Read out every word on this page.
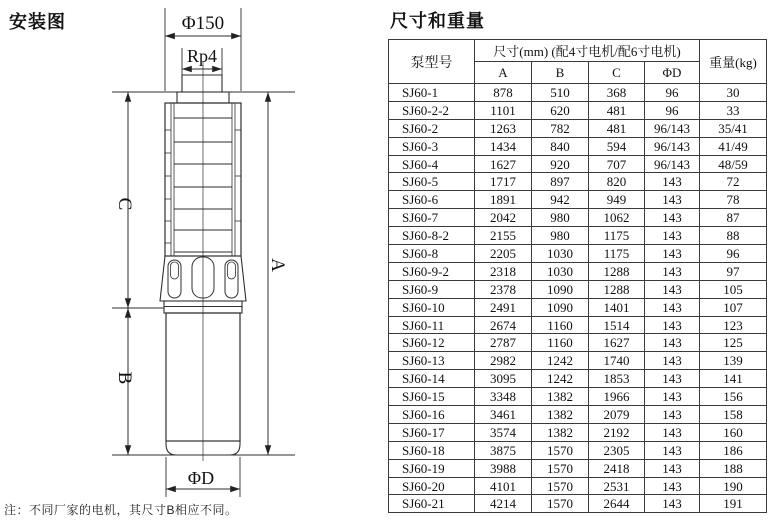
安装图	Φ150
Rp4
C
B
A
ΦD
注：不同厂家的电机，其尺寸B相应不同。
尺寸和重量
泵型号	尺寸(mm) (配4寸电机/配6寸电机)				重量(kg)
	A	B	C	ΦD	
SJ60-1	878	510	368	96	30
SJ60-2-2	1101	620	481	96	33
SJ60-2	1263	782	481	96/143	35/41
SJ60-3	1434	840	594	96/143	41/49
SJ60-4	1627	920	707	96/143	48/59
SJ60-5	1717	897	820	143	72
SJ60-6	1891	942	949	143	78
SJ60-7	2042	980	1062	143	87
SJ60-8-2	2155	980	1175	143	88
SJ60-8	2205	1030	1175	143	96
SJ60-9-2	2318	1030	1288	143	97
SJ60-9	2378	1090	1288	143	105
SJ60-10	2491	1090	1401	143	107
SJ60-11	2674	1160	1514	143	123
SJ60-12	2787	1160	1627	143	125
SJ60-13	2982	1242	1740	143	139
SJ60-14	3095	1242	1853	143	141
SJ60-15	3348	1382	1966	143	156
SJ60-16	3461	1382	2079	143	158
SJ60-17	3574	1382	2192	143	160
SJ60-18	3875	1570	2305	143	186
SJ60-19	3988	1570	2418	143	188
SJ60-20	4101	1570	2531	143	190
SJ60-21	4214	1570	2644	143	191
